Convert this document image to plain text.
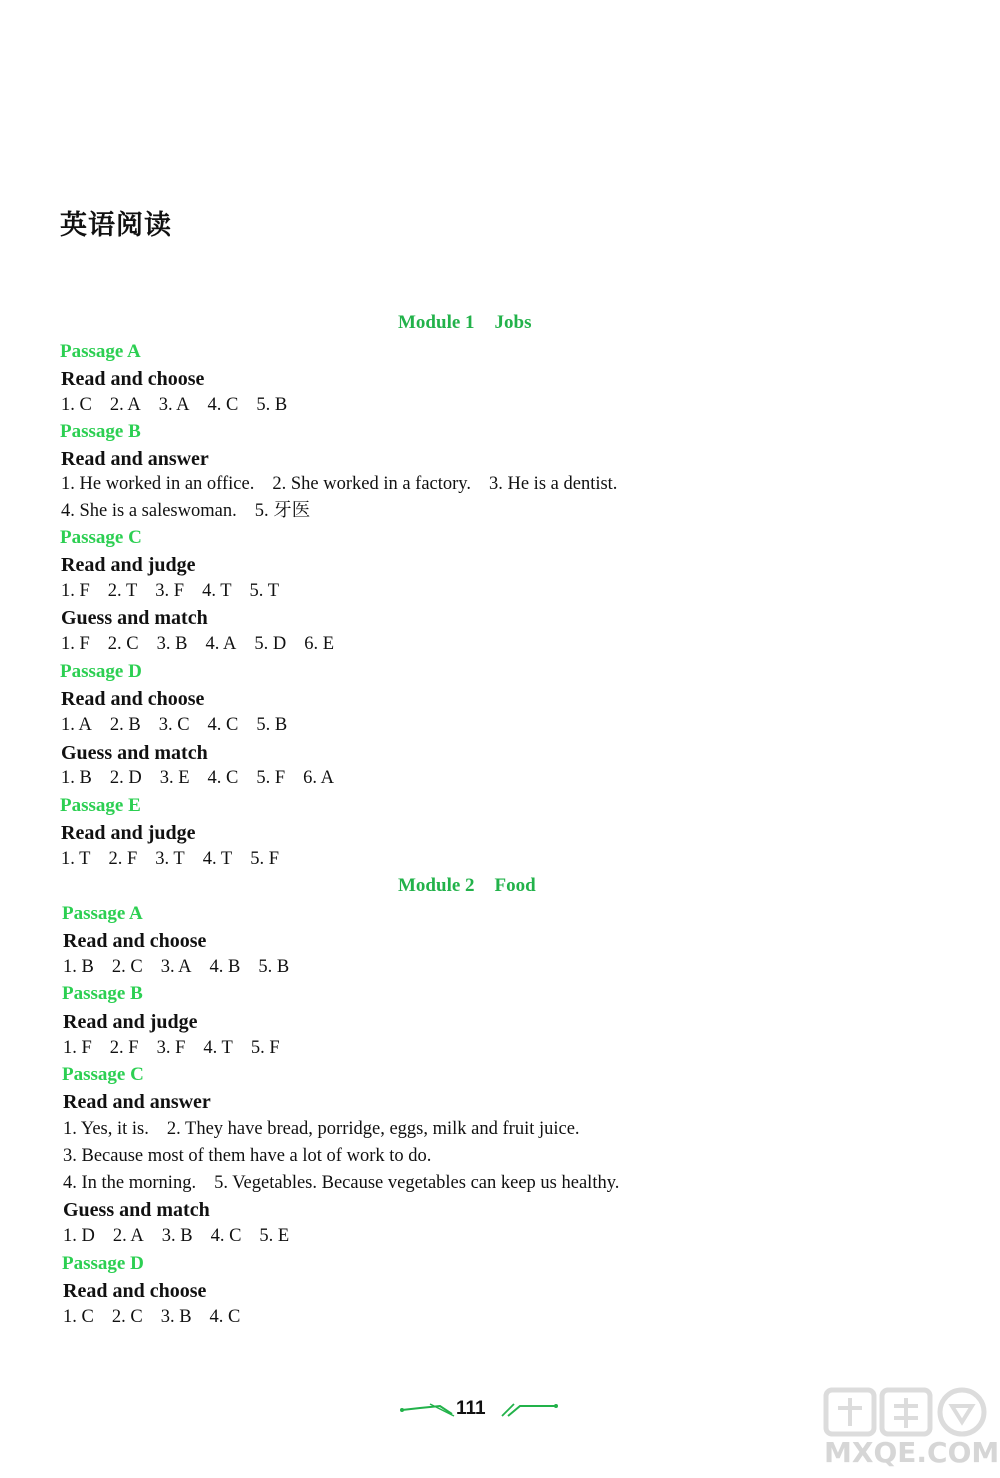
英语阅读
Module 1 Jobs
Passage A
Read and choose
1. C 2. A 3. A 4. C 5. B
Passage B
Read and answer
1. He worked in an office. 2. She worked in a factory. 3. He is a dentist.
4. She is a saleswoman. 5. 牙医
Passage C
Read and judge
1. F 2. T 3. F 4. T 5. T
Guess and match
1. F 2. C 3. B 4. A 5. D 6. E
Passage D
Read and choose
1. A 2. B 3. C 4. C 5. B
Guess and match
1. B 2. D 3. E 4. C 5. F 6. A
Passage E
Read and judge
1. T 2. F 3. T 4. T 5. F
Module 2 Food
Passage A
Read and choose
1. B 2. C 3. A 4. B 5. B
Passage B
Read and judge
1. F 2. F 3. F 4. T 5. F
Passage C
Read and answer
1. Yes, it is. 2. They have bread, porridge, eggs, milk and fruit juice.
3. Because most of them have a lot of work to do.
4. In the morning. 5. Vegetables. Because vegetables can keep us healthy.
Guess and match
1. D 2. A 3. B 4. C 5. E
Passage D
Read and choose
1. C 2. C 3. B 4. C
111
MXQE.COM
